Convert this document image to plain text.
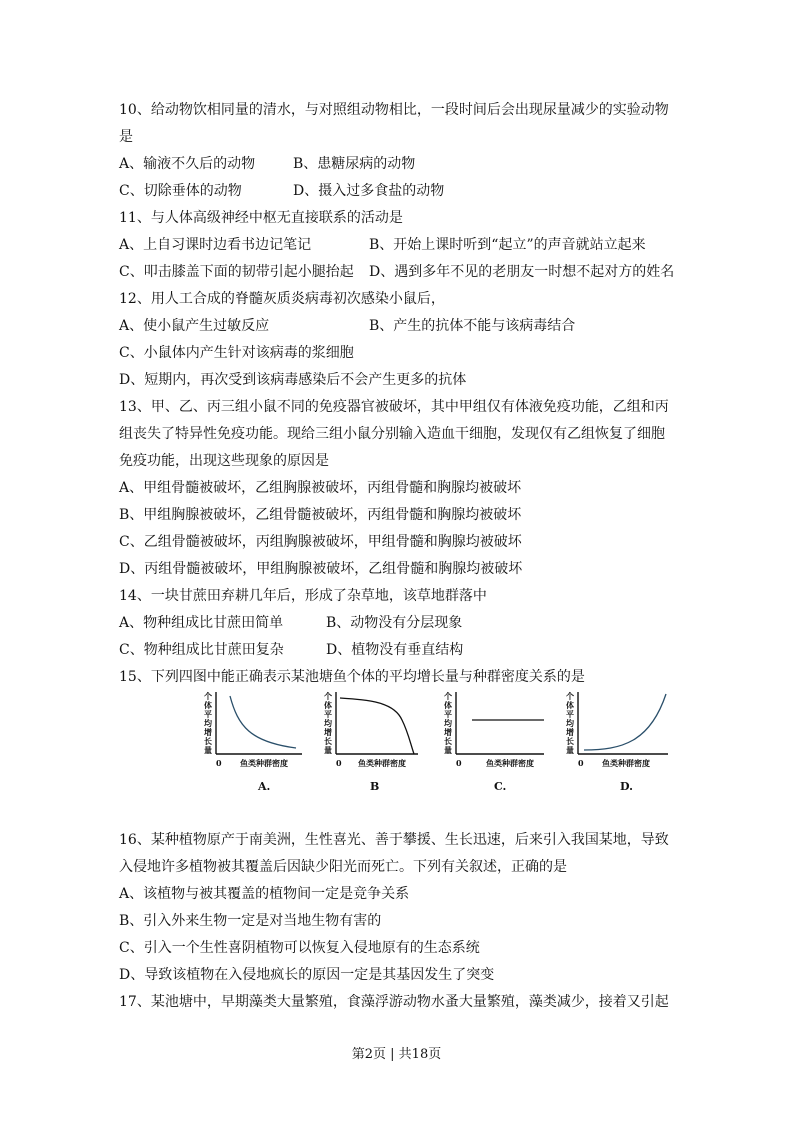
10、给动物饮相同量的清水，与对照组动物相比，一段时间后会出现尿量减少的实验动物
是
A、输液不久后的动物	B、患糖尿病的动物
C、切除垂体的动物	D、摄入过多食盐的动物
11、与人体高级神经中枢无直接联系的活动是
A、上自习课时边看书边记笔记	B、开始上课时听到“起立”的声音就站立起来
C、叩击膝盖下面的韧带引起小腿抬起 D、遇到多年不见的老朋友一时想不起对方的姓名
12、用人工合成的脊髓灰质炎病毒初次感染小鼠后，
A、使小鼠产生过敏反应	B、产生的抗体不能与该病毒结合
C、小鼠体内产生针对该病毒的浆细胞
D、短期内，再次受到该病毒感染后不会产生更多的抗体
13、甲、乙、丙三组小鼠不同的免疫器官被破坏，其中甲组仅有体液免疫功能，乙组和丙
组丧失了特异性免疫功能。现给三组小鼠分别输入造血干细胞，发现仅有乙组恢复了细胞
免疫功能，出现这些现象的原因是
A、甲组骨髓被破坏，乙组胸腺被破坏，丙组骨髓和胸腺均被破坏
B、甲组胸腺被破坏，乙组骨髓被破坏，丙组骨髓和胸腺均被破坏
C、乙组骨髓被破坏，丙组胸腺被破坏，甲组骨髓和胸腺均被破坏
D、丙组骨髓被破坏，甲组胸腺被破坏，乙组骨髓和胸腺均被破坏
14、一块甘蔗田弃耕几年后，形成了杂草地，该草地群落中
A、物种组成比甘蔗田简单	B、动物没有分层现象
C、物种组成比甘蔗田复杂	D、植物没有垂直结构
15、下列四图中能正确表示某池塘鱼个体的平均增长量与种群密度关系的是
个体平均增长量
0 鱼类种群密度
A.
个体平均增长量
0 鱼类种群密度
B
个体平均增长量
0	鱼类种群密度
C.
个体平均增长量
0 鱼类种群密度
D.
16、某种植物原产于南美洲，生性喜光、善于攀援、生长迅速，后来引入我国某地，导致
入侵地许多植物被其覆盖后因缺少阳光而死亡。下列有关叙述，正确的是
A、该植物与被其覆盖的植物间一定是竞争关系
B、引入外来生物一定是对当地生物有害的
C、引入一个生性喜阴植物可以恢复入侵地原有的生态系统
D、导致该植物在入侵地疯长的原因一定是其基因发生了突变
17、某池塘中，早期藻类大量繁殖，食藻浮游动物水蚤大量繁殖，藻类减少，接着又引起
第2页 | 共18页
